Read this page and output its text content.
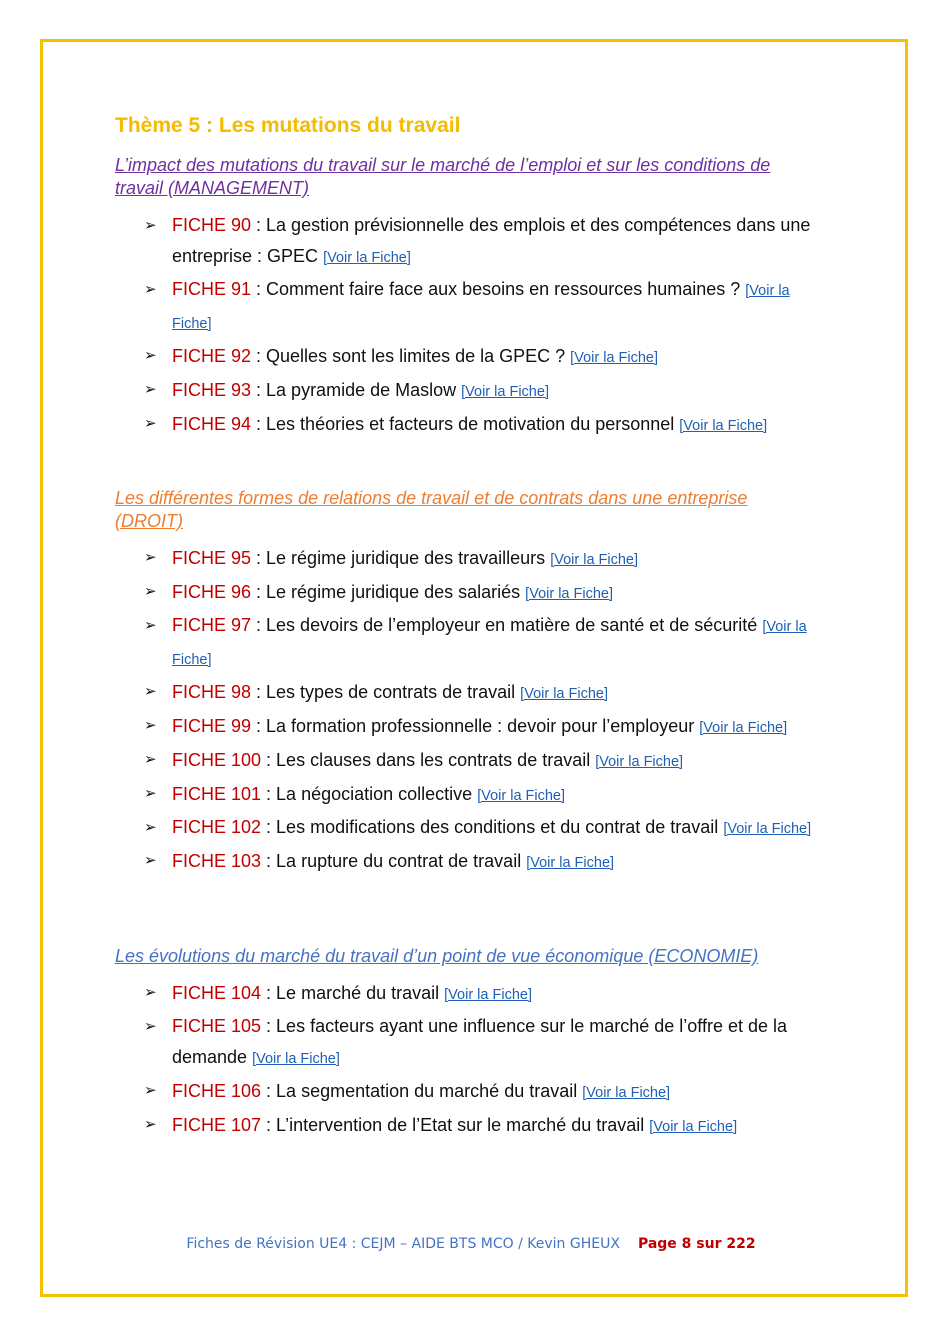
Thème 5 : Les mutations du travail
L’impact des mutations du travail sur le marché de l’emploi et sur les conditions de travail (MANAGEMENT)
➢ FICHE 90 : La gestion prévisionnelle des emplois et des compétences dans une entreprise : GPEC [Voir la Fiche]
➢ FICHE 91 : Comment faire face aux besoins en ressources humaines ? [Voir la Fiche]
➢ FICHE 92 : Quelles sont les limites de la GPEC ? [Voir la Fiche]
➢ FICHE 93 : La pyramide de Maslow [Voir la Fiche]
➢ FICHE 94 : Les théories et facteurs de motivation du personnel [Voir la Fiche]
Les différentes formes de relations de travail et de contrats dans une entreprise (DROIT)
➢ FICHE 95 : Le régime juridique des travailleurs [Voir la Fiche]
➢ FICHE 96 : Le régime juridique des salariés [Voir la Fiche]
➢ FICHE 97 : Les devoirs de l’employeur en matière de santé et de sécurité [Voir la Fiche]
➢ FICHE 98 : Les types de contrats de travail [Voir la Fiche]
➢ FICHE 99 : La formation professionnelle : devoir pour l’employeur [Voir la Fiche]
➢ FICHE 100 : Les clauses dans les contrats de travail [Voir la Fiche]
➢ FICHE 101 : La négociation collective [Voir la Fiche]
➢ FICHE 102 : Les modifications des conditions et du contrat de travail [Voir la Fiche]
➢ FICHE 103 : La rupture du contrat de travail [Voir la Fiche]
Les évolutions du marché du travail d’un point de vue économique (ECONOMIE)
➢ FICHE 104 : Le marché du travail [Voir la Fiche]
➢ FICHE 105 : Les facteurs ayant une influence sur le marché de l’offre et de la demande [Voir la Fiche]
➢ FICHE 106 : La segmentation du marché du travail [Voir la Fiche]
➢ FICHE 107 : L’intervention de l’Etat sur le marché du travail [Voir la Fiche]
Fiches de Révision UE4 : CEJM – AIDE BTS MCO / Kevin GHEUX Page 8 sur 222
